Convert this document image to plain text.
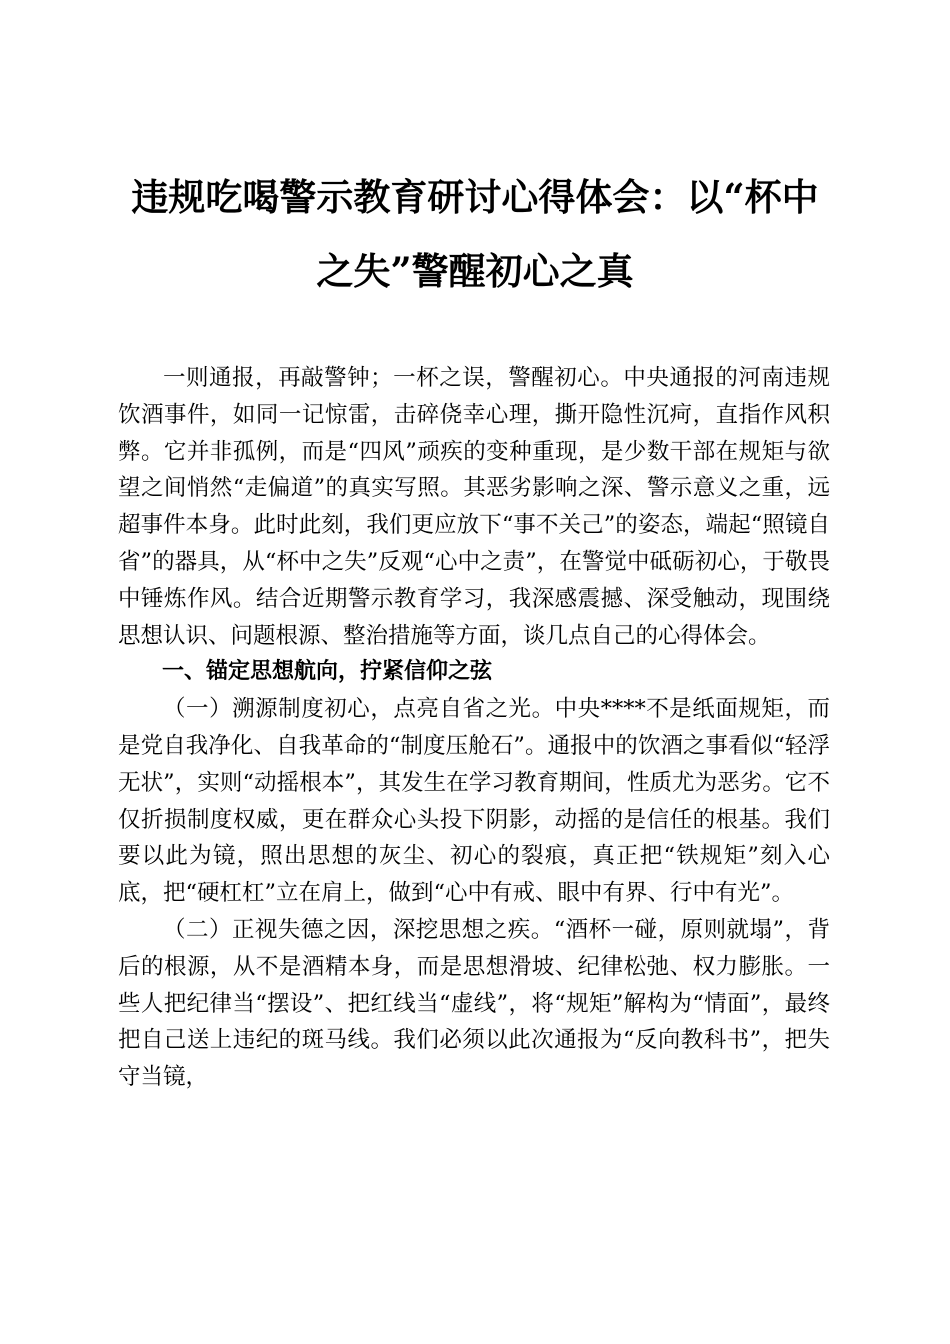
违规吃喝警示教育研讨心得体会：以“杯中之失”警醒初心之真

一则通报，再敲警钟；一杯之误，警醒初心。中央通报的河南违规饮酒事件，如同一记惊雷，击碎侥幸心理，撕开隐性沉疴，直指作风积弊。它并非孤例，而是“四风”顽疾的变种重现，是少数干部在规矩与欲望之间悄然“走偏道”的真实写照。其恶劣影响之深、警示意义之重，远超事件本身。此时此刻，我们更应放下“事不关己”的姿态，端起“照镜自省”的器具，从“杯中之失”反观“心中之责”，在警觉中砥砺初心，于敬畏中锤炼作风。结合近期警示教育学习，我深感震撼、深受触动，现围绕思想认识、问题根源、整治措施等方面，谈几点自己的心得体会。

一、锚定思想航向，拧紧信仰之弦

（一）溯源制度初心，点亮自省之光。中央****不是纸面规矩，而是党自我净化、自我革命的“制度压舱石”。通报中的饮酒之事看似“轻浮无状”，实则“动摇根本”，其发生在学习教育期间，性质尤为恶劣。它不仅折损制度权威，更在群众心头投下阴影，动摇的是信任的根基。我们要以此为镜，照出思想的灰尘、初心的裂痕，真正把“铁规矩”刻入心底，把“硬杠杠”立在肩上，做到“心中有戒、眼中有界、行中有光”。

（二）正视失德之因，深挖思想之疾。“酒杯一碰，原则就塌”，背后的根源，从不是酒精本身，而是思想滑坡、纪律松弛、权力膨胀。一些人把纪律当“摆设”、把红线当“虚线”，将“规矩”解构为“情面”，最终把自己送上违纪的斑马线。我们必须以此次通报为“反向教科书”，把失守当镜，
